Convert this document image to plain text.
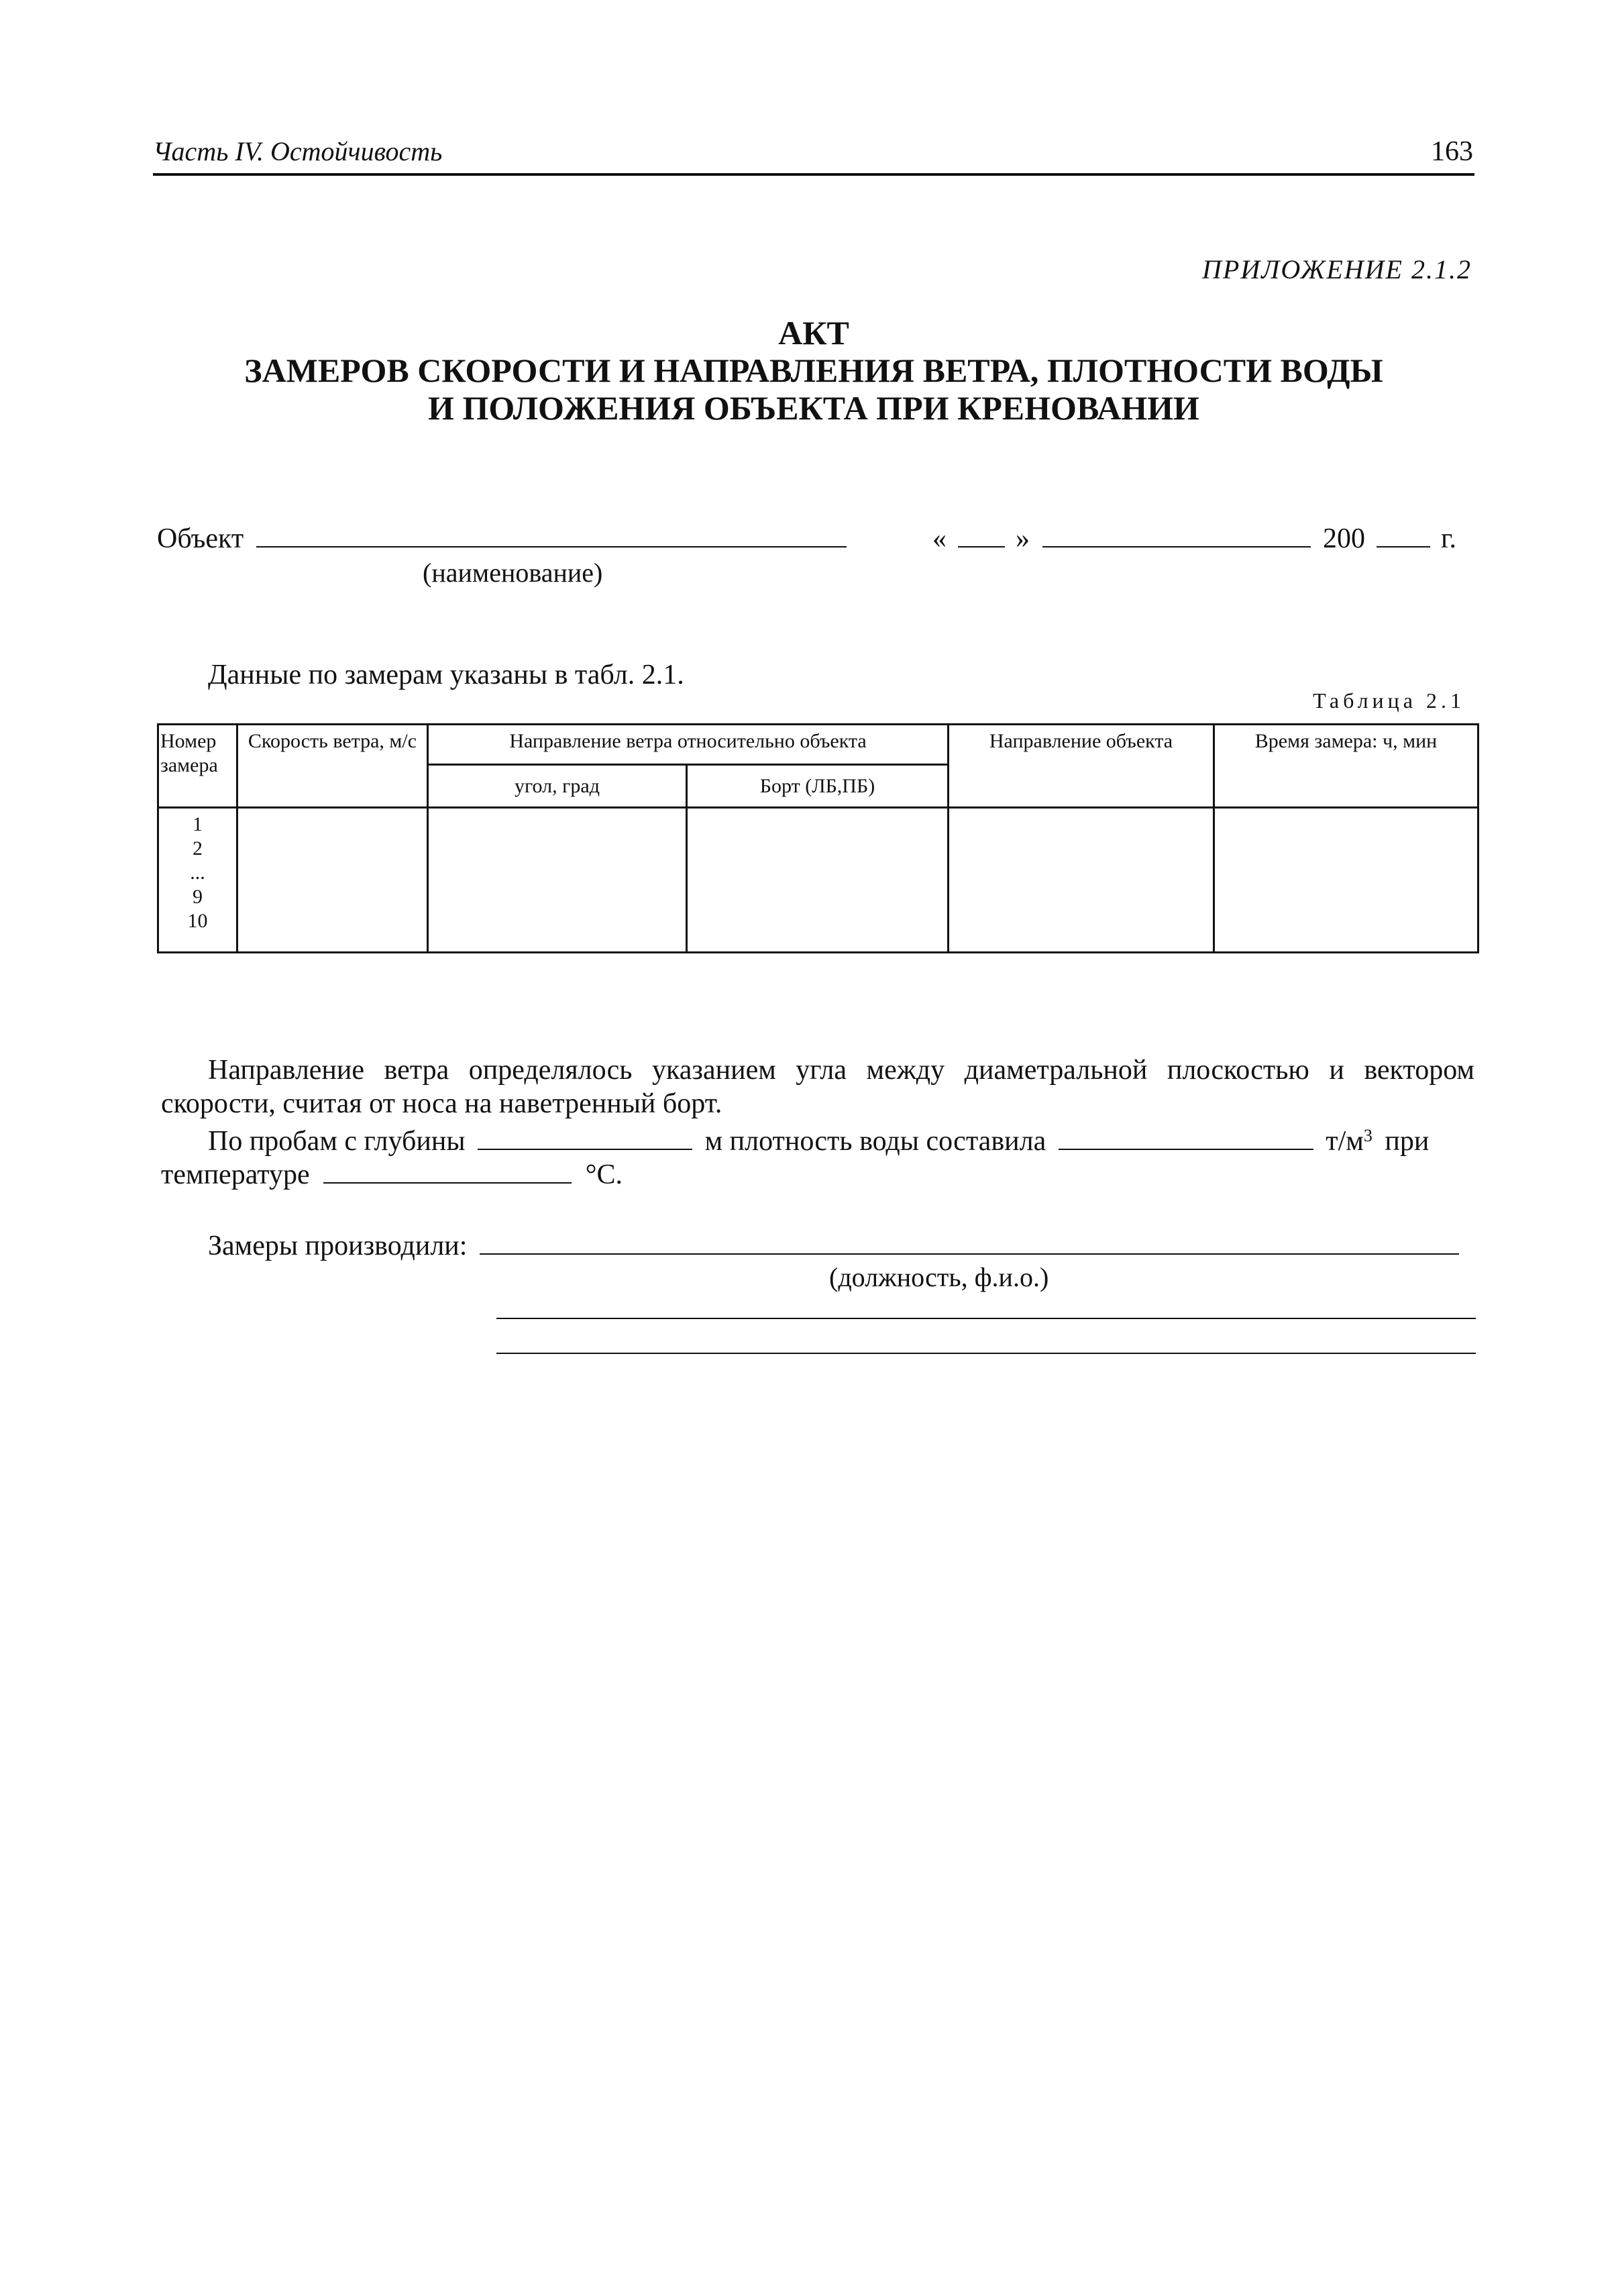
Часть IV. Остойчивость	163
ПРИЛОЖЕНИЕ 2.1.2
АКТ
ЗАМЕРОВ СКОРОСТИ И НАПРАВЛЕНИЯ ВЕТРА, ПЛОТНОСТИ ВОДЫ
И ПОЛОЖЕНИЯ ОБЪЕКТА ПРИ КРЕНОВАНИИ
Объект	« »	200	г.
(наименование)
Данные по замерам указаны в табл. 2.1.
Таблица 2.1
Номер замера	Скорость ветра, м/с	Направление ветра относительно объекта		Направление объекта	Время замера: ч, мин
		угол, град	Борт (ЛБ,ПБ)		

1
2
...
9
10					

Направление ветра определялось указанием угла между диаметральной плоскостью и вектором скорости, считая от носа на наветренный борт.
По пробам с глубины	м плотность воды составила	$т/м^3$ при
температуре	°С.
Замеры производили:
(должность, ф.и.о.)
